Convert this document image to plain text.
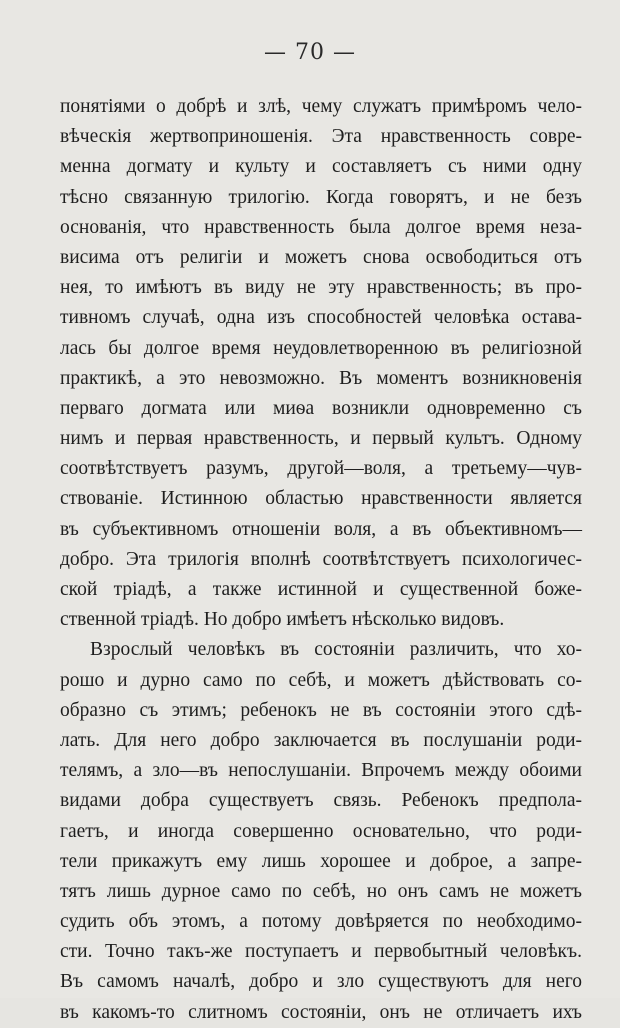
— 70 —
понятіями о добрѣ и злѣ, чему служатъ примѣромъ чело-
вѣческія жертвоприношенія. Эта нравственность совре-
менна догмату и культу и составляетъ съ ними одну
тѣсно связанную трилогію. Когда говорятъ, и не безъ
основанія, что нравственность была долгое время неза-
висима отъ религіи и можетъ снова освободиться отъ
нея, то имѣютъ въ виду не эту нравственность; въ про-
тивномъ случаѣ, одна изъ способностей человѣка остава-
лась бы долгое время неудовлетворенною въ религіозной
практикѣ, а это невозможно. Въ моментъ возникновенія
перваго догмата или миѳа возникли одновременно съ
нимъ и первая нравственность, и первый культъ. Одному
соотвѣтствуетъ разумъ, другой—воля, а третьему—чув-
ствованіе. Истинною областью нравственности является
въ субъективномъ отношеніи воля, а въ объективномъ—
добро. Эта трилогія вполнѣ соотвѣтствуетъ психологичес-
ской тріадѣ, а также истинной и существенной боже-
ственной тріадѣ. Но добро имѣетъ нѣсколько видовъ.
Взрослый человѣкъ въ состояніи различить, что хо-
рошо и дурно само по себѣ, и можетъ дѣйствовать со-
образно съ этимъ; ребенокъ не въ состояніи этого сдѣ-
лать. Для него добро заключается въ послушаніи роди-
телямъ, а зло—въ непослушаніи. Впрочемъ между обоими
видами добра существуетъ связь. Ребенокъ предпола-
гаетъ, и иногда совершенно основательно, что роди-
тели прикажутъ ему лишь хорошее и доброе, а запре-
тятъ лишь дурное само по себѣ, но онъ самъ не можетъ
судить объ этомъ, а потому довѣряется по необходимо-
сти. Точно такъ-же поступаетъ и первобытный человѣкъ.
Въ самомъ началѣ, добро и зло существуютъ для него
въ какомъ-то слитномъ состояніи, онъ не отличаетъ ихъ
